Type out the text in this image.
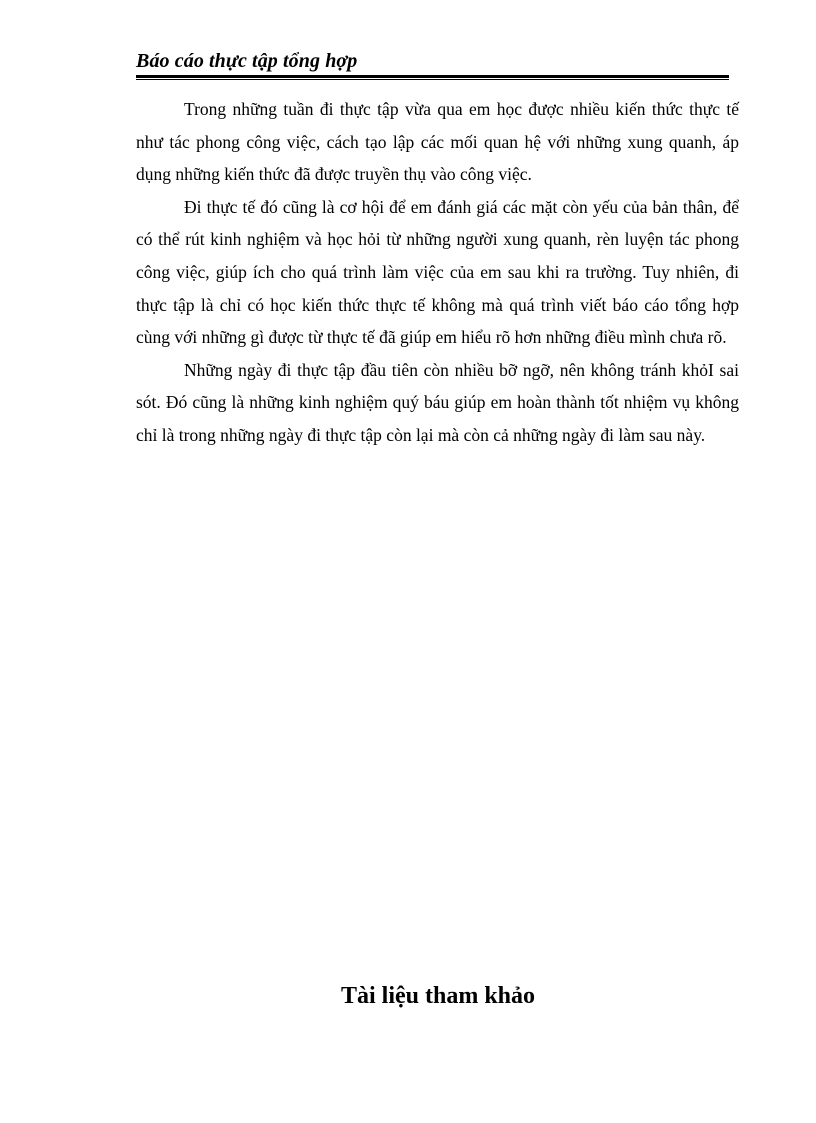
Báo cáo thực tập tổng hợp

Trong những tuần đi thực tập vừa qua em học được nhiều kiến thức thực tế như tác phong công việc, cách tạo lập các mối quan hệ với những xung quanh, áp dụng những kiến thức đã được truyền thụ vào công việc.

Đi thực tế đó cũng là cơ hội để em đánh giá các mặt còn yếu của bản thân, để có thể rút kinh nghiệm và học hỏi từ những người xung quanh, rèn luyện tác phong công việc, giúp ích cho quá trình làm việc của em sau khi ra trường. Tuy nhiên, đi thực tập là chỉ có học kiến thức thực tế không mà quá trình viết báo cáo tổng hợp cùng với những gì được từ thực tế đã giúp em hiểu rõ hơn những điều mình chưa rõ.

Những ngày đi thực tập đầu tiên còn nhiều bỡ ngỡ, nên không tránh khỏI sai sót. Đó cũng là những kinh nghiệm quý báu giúp em hoàn thành tốt nhiệm vụ không chỉ là trong những ngày đi thực tập còn lại mà còn cả những ngày đi làm sau này.

Tài liệu tham khảo
